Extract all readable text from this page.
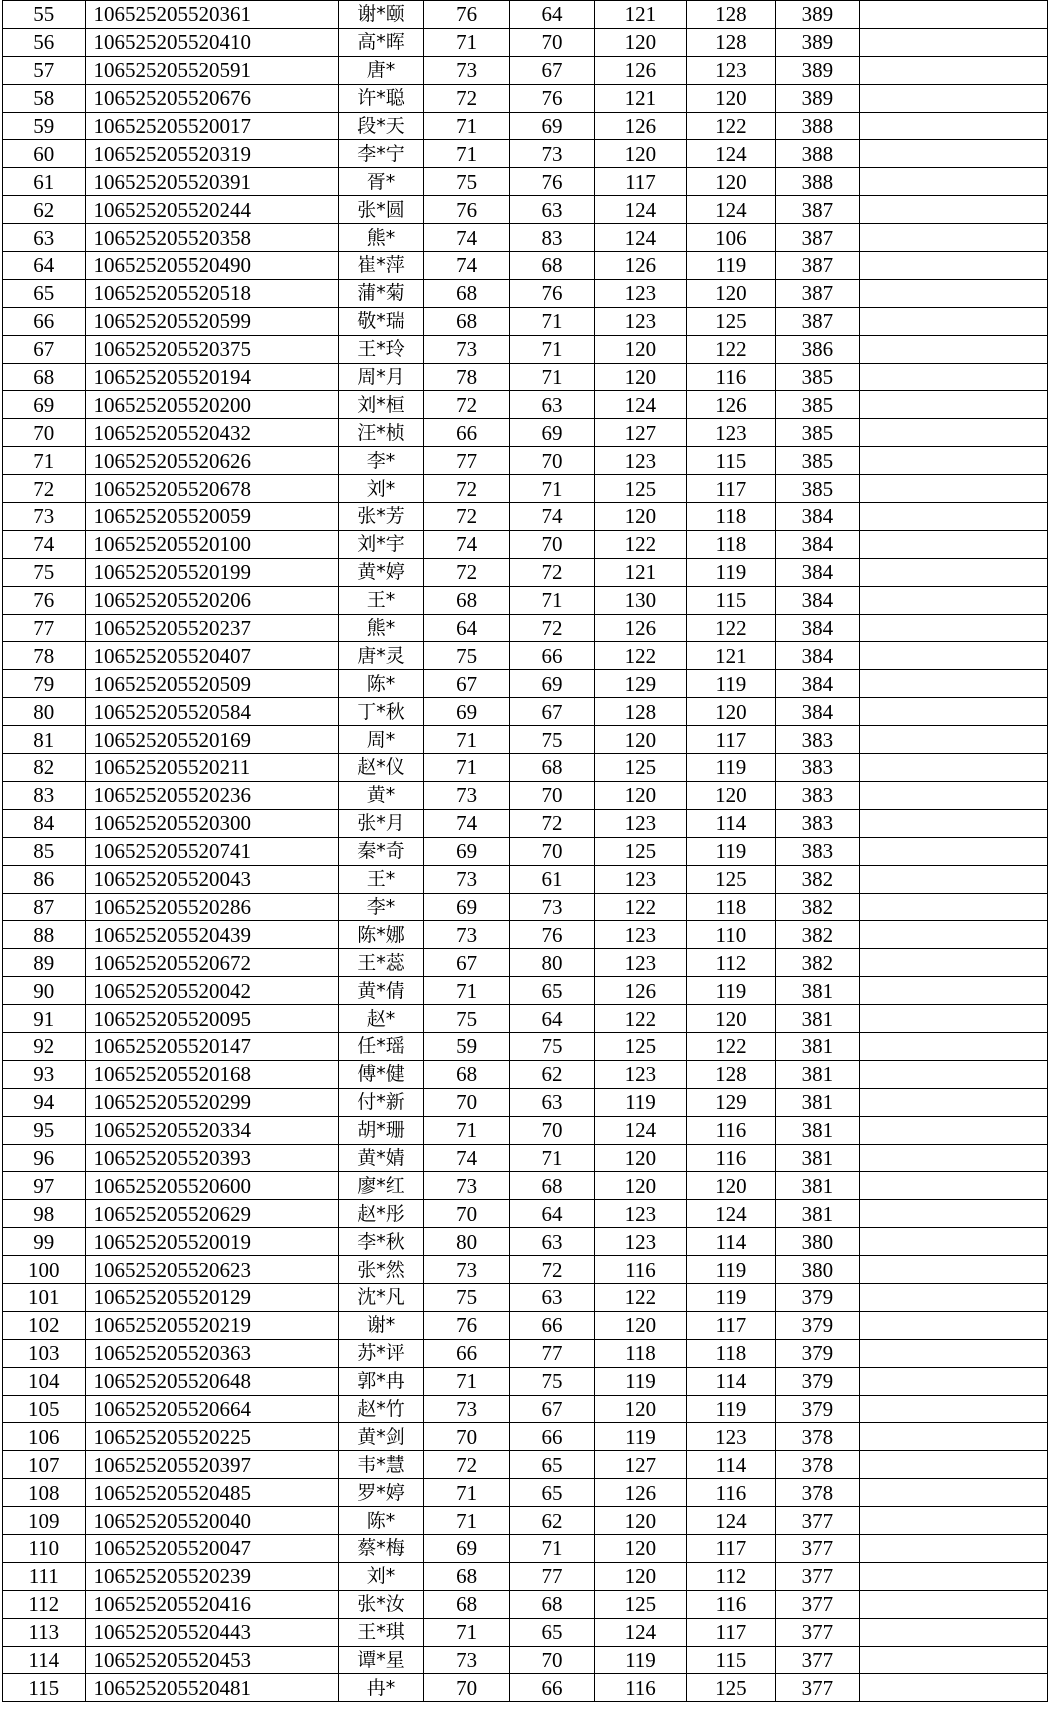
55	106525205520361	谢*颐	76	64	121	128	389	
56	106525205520410	高*晖	71	70	120	128	389	
57	106525205520591	唐*	73	67	126	123	389	
58	106525205520676	许*聪	72	76	121	120	389	
59	106525205520017	段*天	71	69	126	122	388	
60	106525205520319	李*宁	71	73	120	124	388	
61	106525205520391	胥*	75	76	117	120	388	
62	106525205520244	张*圆	76	63	124	124	387	
63	106525205520358	熊*	74	83	124	106	387	
64	106525205520490	崔*萍	74	68	126	119	387	
65	106525205520518	蒲*菊	68	76	123	120	387	
66	106525205520599	敬*瑞	68	71	123	125	387	
67	106525205520375	王*玲	73	71	120	122	386	
68	106525205520194	周*月	78	71	120	116	385	
69	106525205520200	刘*桓	72	63	124	126	385	
70	106525205520432	汪*桢	66	69	127	123	385	
71	106525205520626	李*	77	70	123	115	385	
72	106525205520678	刘*	72	71	125	117	385	
73	106525205520059	张*芳	72	74	120	118	384	
74	106525205520100	刘*宇	74	70	122	118	384	
75	106525205520199	黄*婷	72	72	121	119	384	
76	106525205520206	王*	68	71	130	115	384	
77	106525205520237	熊*	64	72	126	122	384	
78	106525205520407	唐*灵	75	66	122	121	384	
79	106525205520509	陈*	67	69	129	119	384	
80	106525205520584	丁*秋	69	67	128	120	384	
81	106525205520169	周*	71	75	120	117	383	
82	106525205520211	赵*仪	71	68	125	119	383	
83	106525205520236	黄*	73	70	120	120	383	
84	106525205520300	张*月	74	72	123	114	383	
85	106525205520741	秦*奇	69	70	125	119	383	
86	106525205520043	王*	73	61	123	125	382	
87	106525205520286	李*	69	73	122	118	382	
88	106525205520439	陈*娜	73	76	123	110	382	
89	106525205520672	王*蕊	67	80	123	112	382	
90	106525205520042	黄*倩	71	65	126	119	381	
91	106525205520095	赵*	75	64	122	120	381	
92	106525205520147	任*瑶	59	75	125	122	381	
93	106525205520168	傅*健	68	62	123	128	381	
94	106525205520299	付*新	70	63	119	129	381	
95	106525205520334	胡*珊	71	70	124	116	381	
96	106525205520393	黄*婧	74	71	120	116	381	
97	106525205520600	廖*红	73	68	120	120	381	
98	106525205520629	赵*彤	70	64	123	124	381	
99	106525205520019	李*秋	80	63	123	114	380	
100	106525205520623	张*然	73	72	116	119	380	
101	106525205520129	沈*凡	75	63	122	119	379	
102	106525205520219	谢*	76	66	120	117	379	
103	106525205520363	苏*评	66	77	118	118	379	
104	106525205520648	郭*冉	71	75	119	114	379	
105	106525205520664	赵*竹	73	67	120	119	379	
106	106525205520225	黄*剑	70	66	119	123	378	
107	106525205520397	韦*慧	72	65	127	114	378	
108	106525205520485	罗*婷	71	65	126	116	378	
109	106525205520040	陈*	71	62	120	124	377	
110	106525205520047	蔡*梅	69	71	120	117	377	
111	106525205520239	刘*	68	77	120	112	377	
112	106525205520416	张*汝	68	68	125	116	377	
113	106525205520443	王*琪	71	65	124	117	377	
114	106525205520453	谭*星	73	70	119	115	377	
115	106525205520481	冉*	70	66	116	125	377	
